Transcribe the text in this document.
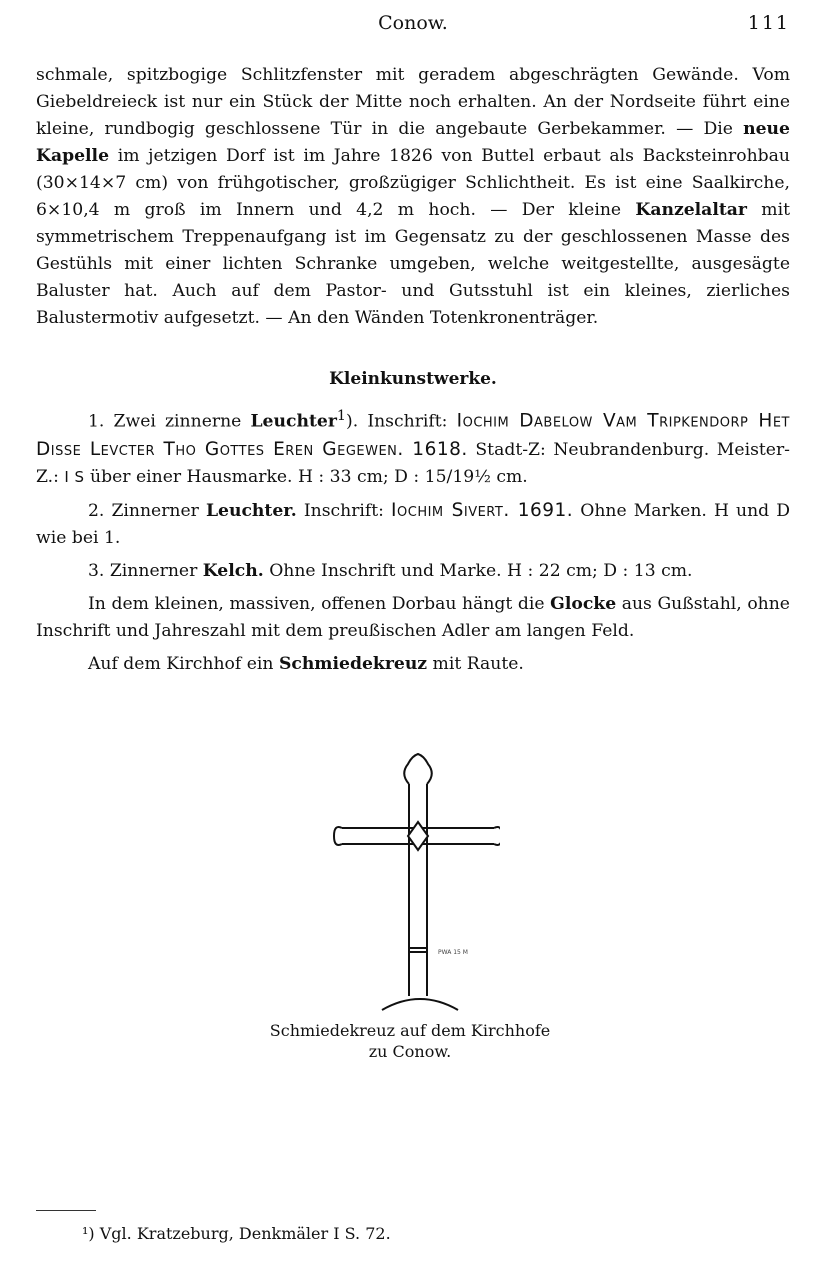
Conow.	111

schmale, spitzbogige Schlitzfenster mit geradem abgeschrägten Gewände. Vom Giebeldreieck ist nur ein Stück der Mitte noch erhalten. An der Nordseite führt eine kleine, rundbogig geschlossene Tür in die angebaute Gerbekammer. — Die neue Kapelle im jetzigen Dorf ist im Jahre 1826 von Buttel erbaut als Backsteinrohbau (30×14×7 cm) von frühgotischer, großzügiger Schlichtheit. Es ist eine Saalkirche, 6×10,4 m groß im Innern und 4,2 m hoch. — Der kleine Kanzelaltar mit symmetrischem Treppenaufgang ist im Gegensatz zu der geschlossenen Masse des Gestühls mit einer lichten Schranke umgeben, welche weitgestellte, ausgesägte Baluster hat. Auch auf dem Pastor- und Gutsstuhl ist ein kleines, zierliches Balustermotiv aufgesetzt. — An den Wänden Totenkronenträger.

Kleinkunstwerke.

1. Zwei zinnerne Leuchter$^1$). Inschrift: Iochim Dabelow Vam Tripkendorp Het Disse Levcter Tho Gottes Eren Gegewen. 1618. Stadt-Z: Neubrandenburg. Meister-Z.: I S über einer Hausmarke. H : 33 cm; D : 15/19½ cm.

2. Zinnerner Leuchter. Inschrift: Iochim Sivert. 1691. Ohne Marken. H und D wie bei 1.

3. Zinnerner Kelch. Ohne Inschrift und Marke. H : 22 cm; D : 13 cm.

In dem kleinen, massiven, offenen Dorbau hängt die Glocke aus Gußstahl, ohne Inschrift und Jahreszahl mit dem preußischen Adler am langen Feld.

Auf dem Kirchhof ein Schmiedekreuz mit Raute.

PWA 15 M
Schmiedekreuz auf dem Kirchhofe
zu Conow.
¹) Vgl. Kratzeburg, Denkmäler I S. 72.
